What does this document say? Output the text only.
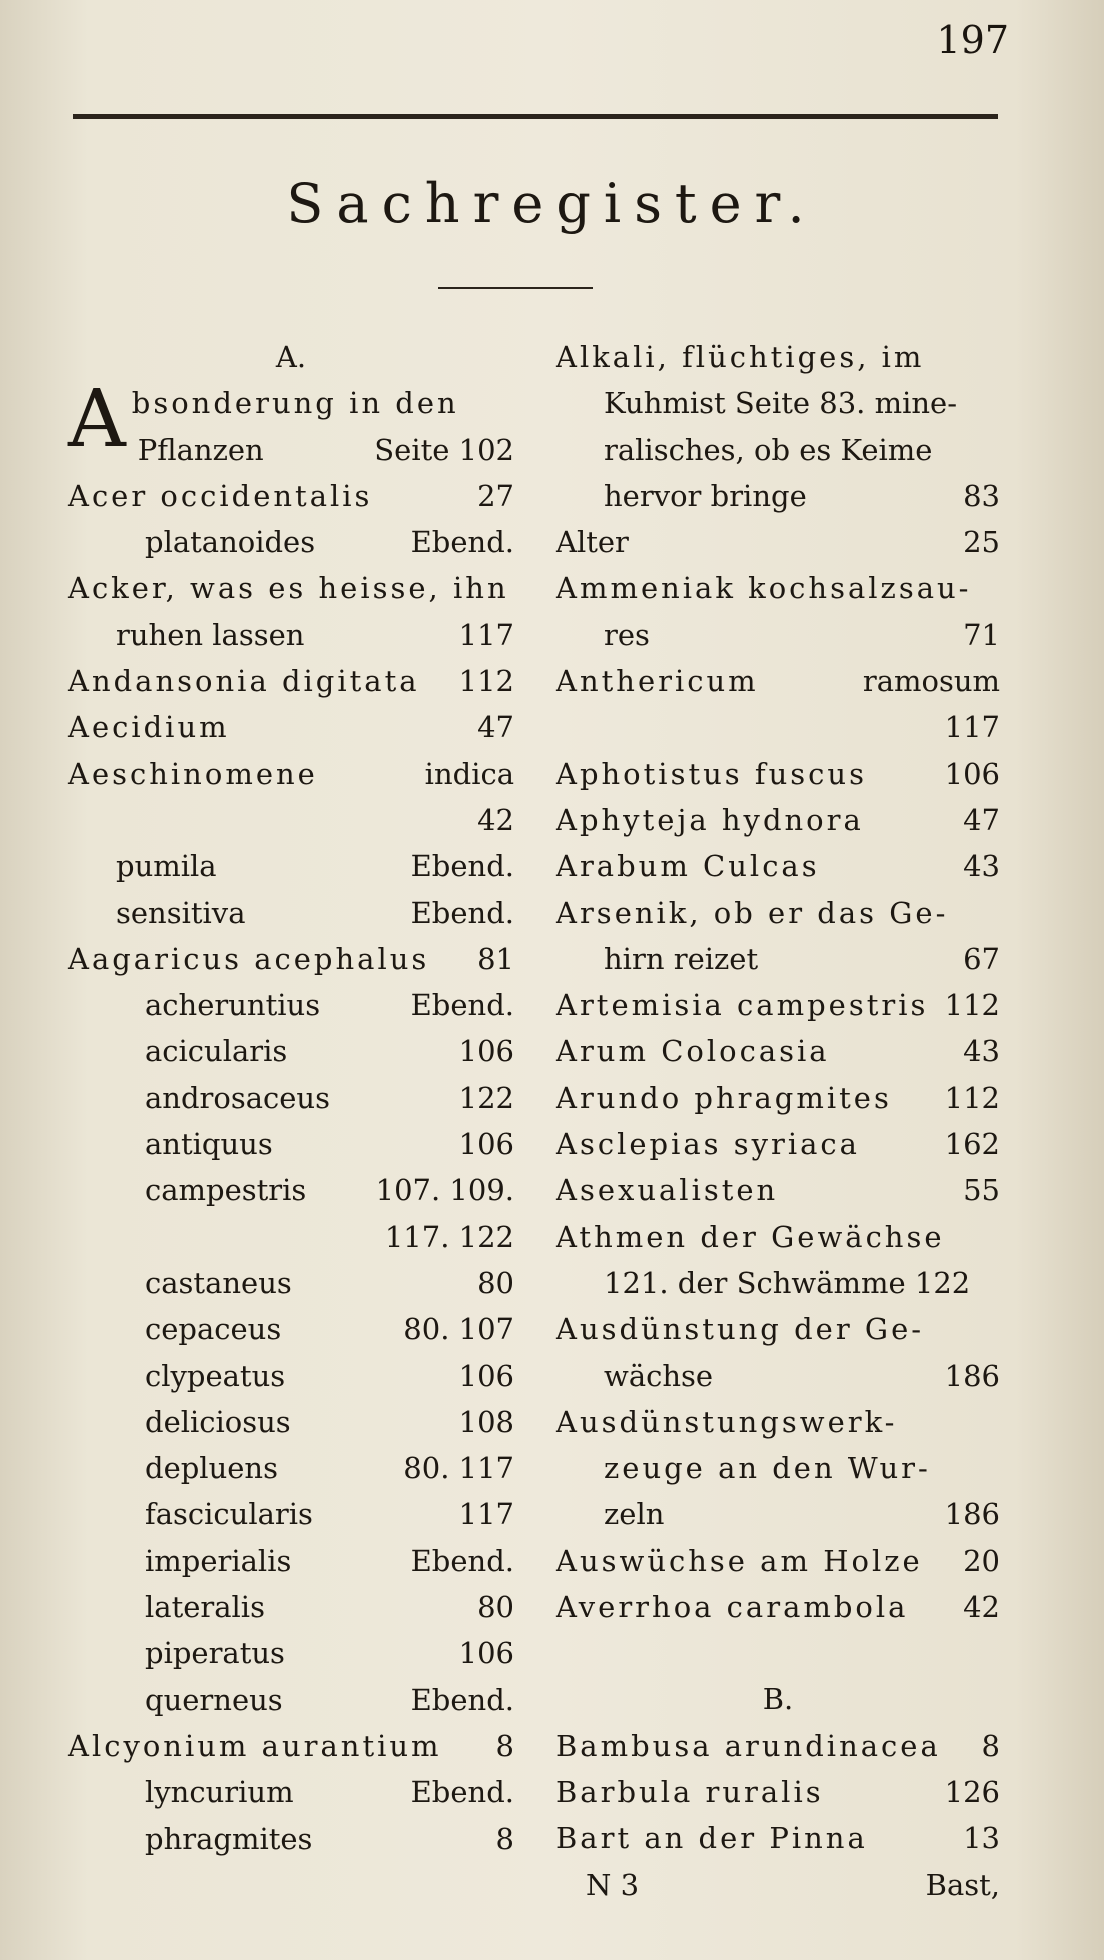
197
Sachregister.
A.
A bsonderung in den
Pflanzen	Seite 102
Acer occidentalis	27
platanoides	Ebend.
Acker, was es heisse, ihn
ruhen lassen	117
Andansonia digitata 112
Aecidium	47
Aeschinomene	indica
42
pumila	Ebend.
sensitiva	Ebend.
Aagaricus acephalus 81
acheruntius	Ebend.
acicularis	106
androsaceus	122
antiquus	106
campestris 107. 109.
117. 122
castaneus	80
cepaceus	80. 107
clypeatus	106
deliciosus	108
depluens	80. 117
fascicularis	117
imperialis	Ebend.
lateralis	80
piperatus	106
querneus	Ebend.
Alcyonium aurantium 8
lyncurium	Ebend.
phragmites	8
Alkali, flüchtiges, im
Kuhmist Seite 83. mine-
ralisches, ob es Keime
hervor bringe	83
Alter	25
Ammeniak kochsalzsau-
res	71
Anthericum	ramosum
117
Aphotistus fuscus	106
Aphyteja hydnora	47
Arabum Culcas	43
Arsenik, ob er das Ge-
hirn reizet	67
Artemisia campestris 112
Arum Colocasia	43
Arundo phragmites 112
Asclepias syriaca	162
Asexualisten	55
Athmen der Gewächse
121. der Schwämme 122
Ausdünstung der Ge-
wächse	186
Ausdünstungswerk-
zeuge an den Wur-
zeln	186
Auswüchse am Holze 20
Averrhoa carambola 42
B.
Bambusa arundinacea 8
Barbula ruralis	126
Bart an der Pinna	13
N 3	Bast,
